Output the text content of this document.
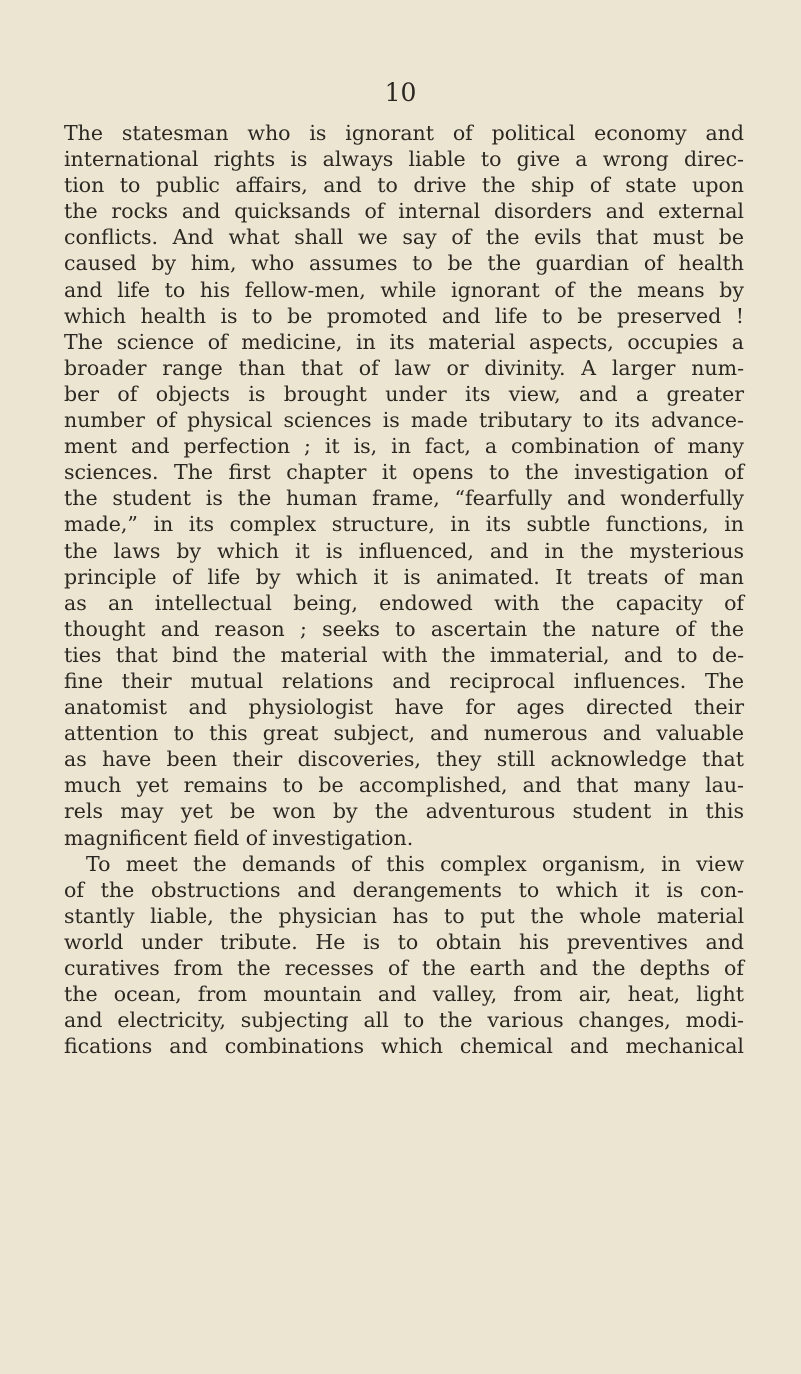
10
The statesman who is ignorant of political economy and
international rights is always liable to give a wrong direc-
tion to public affairs, and to drive the ship of state upon
the rocks and quicksands of internal disorders and external
conflicts. And what shall we say of the evils that must be
caused by him, who assumes to be the guardian of health
and life to his fellow-men, while ignorant of the means by
which health is to be promoted and life to be preserved !
The science of medicine, in its material aspects, occupies a
broader range than that of law or divinity. A larger num-
ber of objects is brought under its view, and a greater
number of physical sciences is made tributary to its advance-
ment and perfection ; it is, in fact, a combination of many
sciences. The first chapter it opens to the investigation of
the student is the human frame, “fearfully and wonderfully
made,” in its complex structure, in its subtle functions, in
the laws by which it is influenced, and in the mysterious
principle of life by which it is animated. It treats of man
as an intellectual being, endowed with the capacity of
thought and reason ; seeks to ascertain the nature of the
ties that bind the material with the immaterial, and to de-
fine their mutual relations and reciprocal influences. The
anatomist and physiologist have for ages directed their
attention to this great subject, and numerous and valuable
as have been their discoveries, they still acknowledge that
much yet remains to be accomplished, and that many lau-
rels may yet be won by the adventurous student in this
magnificent field of investigation.
To meet the demands of this complex organism, in view
of the obstructions and derangements to which it is con-
stantly liable, the physician has to put the whole material
world under tribute. He is to obtain his preventives and
curatives from the recesses of the earth and the depths of
the ocean, from mountain and valley, from air, heat, light
and electricity, subjecting all to the various changes, modi-
fications and combinations which chemical and mechanical
